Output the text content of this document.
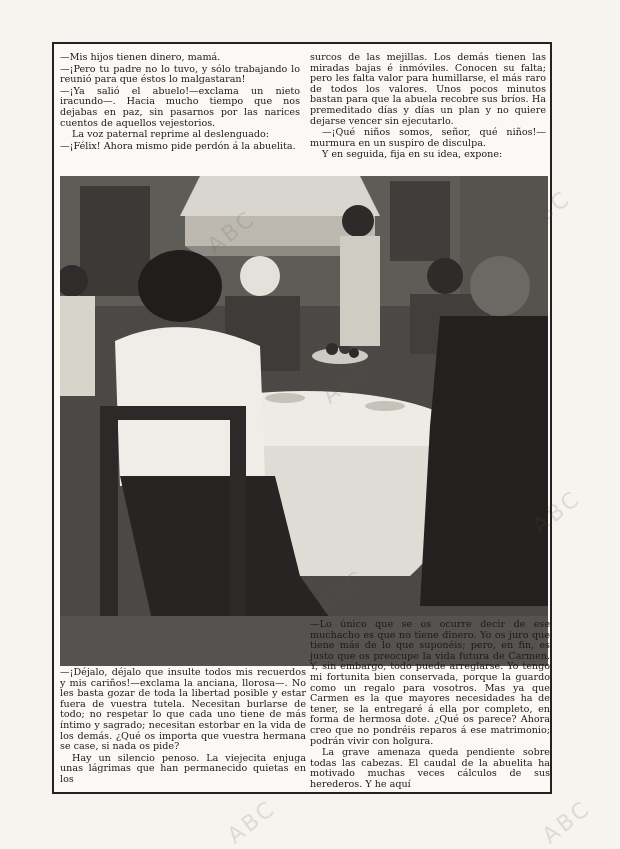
—Mis hijos tienen dinero, mamá.

—¡Pero tu padre no lo tuvo, y sólo trabajando lo reunió para que éstos lo malgastaran!

—¡Ya salió el abuelo!—exclama un nieto iracundo—. Hacia mucho tiempo que nos dejabas en paz, sin pasarnos por las narices cuentos de aquellos vejestorios.

La voz paternal reprime al deslenguado:

—¡Félix! Ahora mismo pide perdón á la abuelita.

surcos de las mejillas. Los demás tienen las miradas bajas é inmóviles. Conocen su falta; pero les falta valor para humillarse, el más raro de todos los valores. Unos pocos minutos bastan para que la abuela recobre sus bríos. Ha premeditado días y días un plan y no quiere dejarse vencer sin ejecutarlo.

—¡Qué niños somos, señor, qué niños!—murmura en un suspiro de disculpa.

Y en seguida, fija en su idea, expone:

—¡Déjalo, déjalo que insulte todos mis recuerdos y mis cariños!—exclama la anciana, llorosa—. No les basta gozar de toda la libertad posible y estar fuera de vuestra tutela. Necesitan burlarse de todo; no respetar lo que cada uno tiene de más íntimo y sagrado; necesitan estorbar en la vida de los demás. ¿Qué os importa que vuestra hermana se case, si nada os pide?

Hay un silencio penoso. La viejecita enjuga unas lágrimas que han permanecido quietas en los

—Lo único que se os ocurre decir de ese muchacho es que no tiene dinero. Yo os juro que tiene más de lo que suponéis; pero, en fin, es justo que os preocupe la vida futura de Carmen. Y, sin embargo, todo puede arreglarse. Yo tengo mi fortunita bien conservada, porque la guardo como un regalo para vosotros. Mas ya que Carmen es la que mayores necesidades ha de tener, se la entregaré á ella por completo, en forma de hermosa dote. ¿Qué os parece? Ahora creo que no pondréis reparos á ese matrimonio; podrán vivir con holgura.

La grave amenaza queda pendiente sobre todas las cabezas. El caudal de la abuelita ha motivado muchas veces cálculos de sus herederos. Y he aquí

ABC
ABC	ABC
